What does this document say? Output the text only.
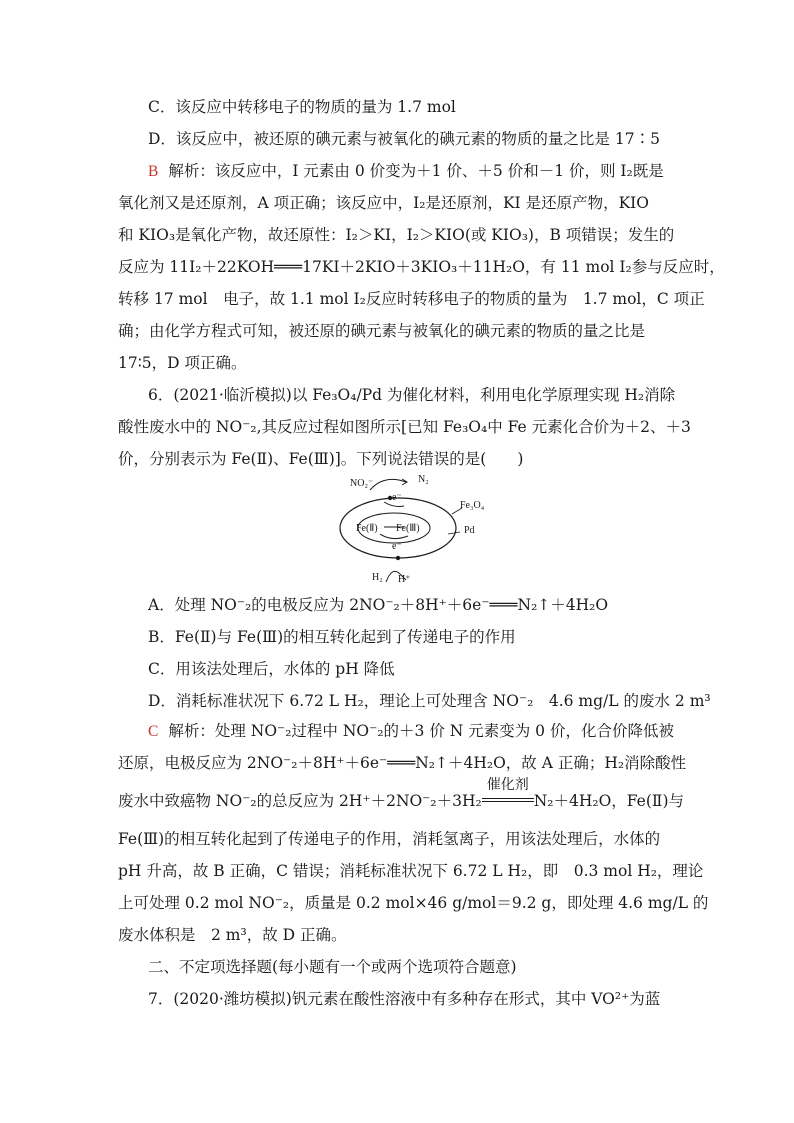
C．该反应中转移电子的物质的量为 1.7 mol
D．该反应中，被还原的碘元素与被氧化的碘元素的物质的量之比是 17∶5
B 解析：该反应中，I 元素由 0 价变为＋1 价、＋5 价和－1 价，则 I₂既是
氧化剂又是还原剂，A 项正确；该反应中，I₂是还原剂，KI 是还原产物，KIO
和 KIO₃是氧化产物，故还原性：I₂＞KI，I₂＞KIO(或 KIO₃)，B 项错误；发生的
反应为 11I₂＋22KOH═══17KI＋2KIO＋3KIO₃＋11H₂O，有 11 mol I₂参与反应时，
转移 17 mol　电子，故 1.1 mol I₂反应时转移电子的物质的量为　1.7 mol，C 项正
确；由化学方程式可知，被还原的碘元素与被氧化的碘元素的物质的量之比是
17∶5，D 项正确。
6．(2021·临沂模拟)以 Fe₃O₄/Pd 为催化材料，利用电化学原理实现 H₂消除
酸性废水中的 NO⁻₂,其反应过程如图所示[已知 Fe₃O₄中 Fe 元素化合价为＋2、＋3
价，分别表示为 Fe(Ⅱ)、Fe(Ⅲ)]。下列说法错误的是(　　)
NO₂⁻	N₂
e⁻
Fe(Ⅱ) Fe(Ⅲ)
e⁻
Fe₃O₄
Pd
H₂ H⁺
A．处理 NO⁻₂的电极反应为 2NO⁻₂＋8H⁺＋6e⁻═══N₂↑＋4H₂O
B．Fe(Ⅱ)与 Fe(Ⅲ)的相互转化起到了传递电子的作用
C．用该法处理后，水体的 pH 降低
D．消耗标准状况下 6.72 L H₂，理论上可处理含 NO⁻₂　4.6 mg/L 的废水 2 m³
C 解析：处理 NO⁻₂过程中 NO⁻₂的＋3 价 N 元素变为 0 价，化合价降低被
还原，电极反应为 2NO⁻₂＋8H⁺＋6e⁻═══N₂↑＋4H₂O，故 A 正确；H₂消除酸性
废水中致癌物 NO⁻₂的总反应为 2H⁺＋2NO⁻₂＋3H₂
催化剂
N₂＋4H₂O，Fe(Ⅱ)与
Fe(Ⅲ)的相互转化起到了传递电子的作用，消耗氢离子，用该法处理后，水体的
pH 升高，故 B 正确，C 错误；消耗标准状况下 6.72 L H₂，即　0.3 mol H₂，理论
上可处理 0.2 mol NO⁻₂，质量是 0.2 mol×46 g/mol＝9.2 g，即处理 4.6 mg/L 的
废水体积是　2 m³，故 D 正确。
二、不定项选择题(每小题有一个或两个选项符合题意)
7．(2020·潍坊模拟)钒元素在酸性溶液中有多种存在形式，其中 VO²⁺为蓝
